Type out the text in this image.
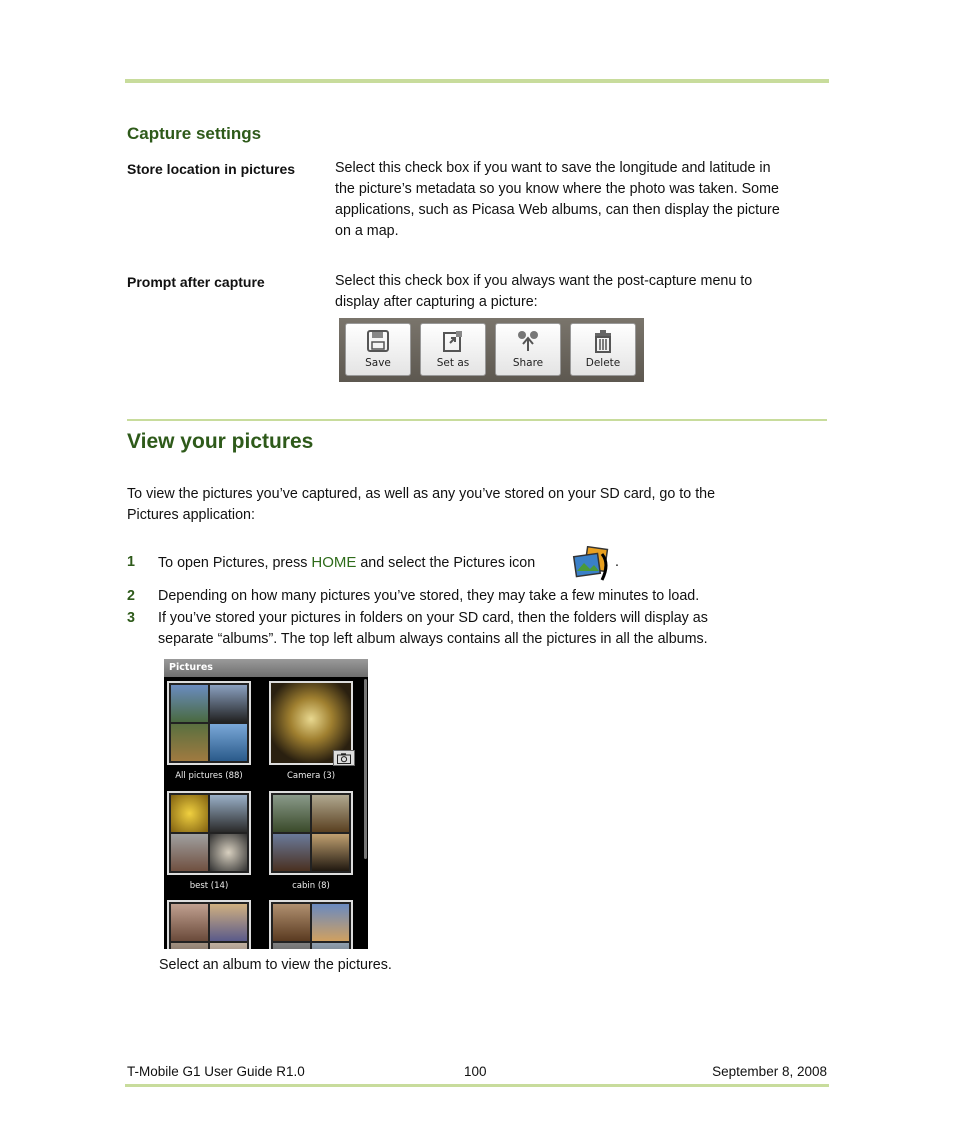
Capture settings
Store location in pictures	Select this check box if you want to save the longitude and latitude in
the picture’s metadata so you know where the photo was taken. Some
applications, such as Picasa Web albums, can then display the picture
on a map.
Prompt after capture	Select this check box if you always want the post-capture menu to
display after capturing a picture:
Save	Set as	Share	Delete
View your pictures
To view the pictures you’ve captured, as well as any you’ve stored on your SD card, go to the
Pictures application:
1 To open Pictures, press HOME and select the Pictures icon	.
2 Depending on how many pictures you’ve stored, they may take a few minutes to load.
3 If you’ve stored your pictures in folders on your SD card, then the folders will display as
separate “albums”. The top left album always contains all the pictures in all the albums.
Pictures
All pictures (88)	Camera (3)
best (14)	cabin (8)
Select an album to view the pictures.
T-Mobile G1 User Guide R1.0	100	September 8, 2008
